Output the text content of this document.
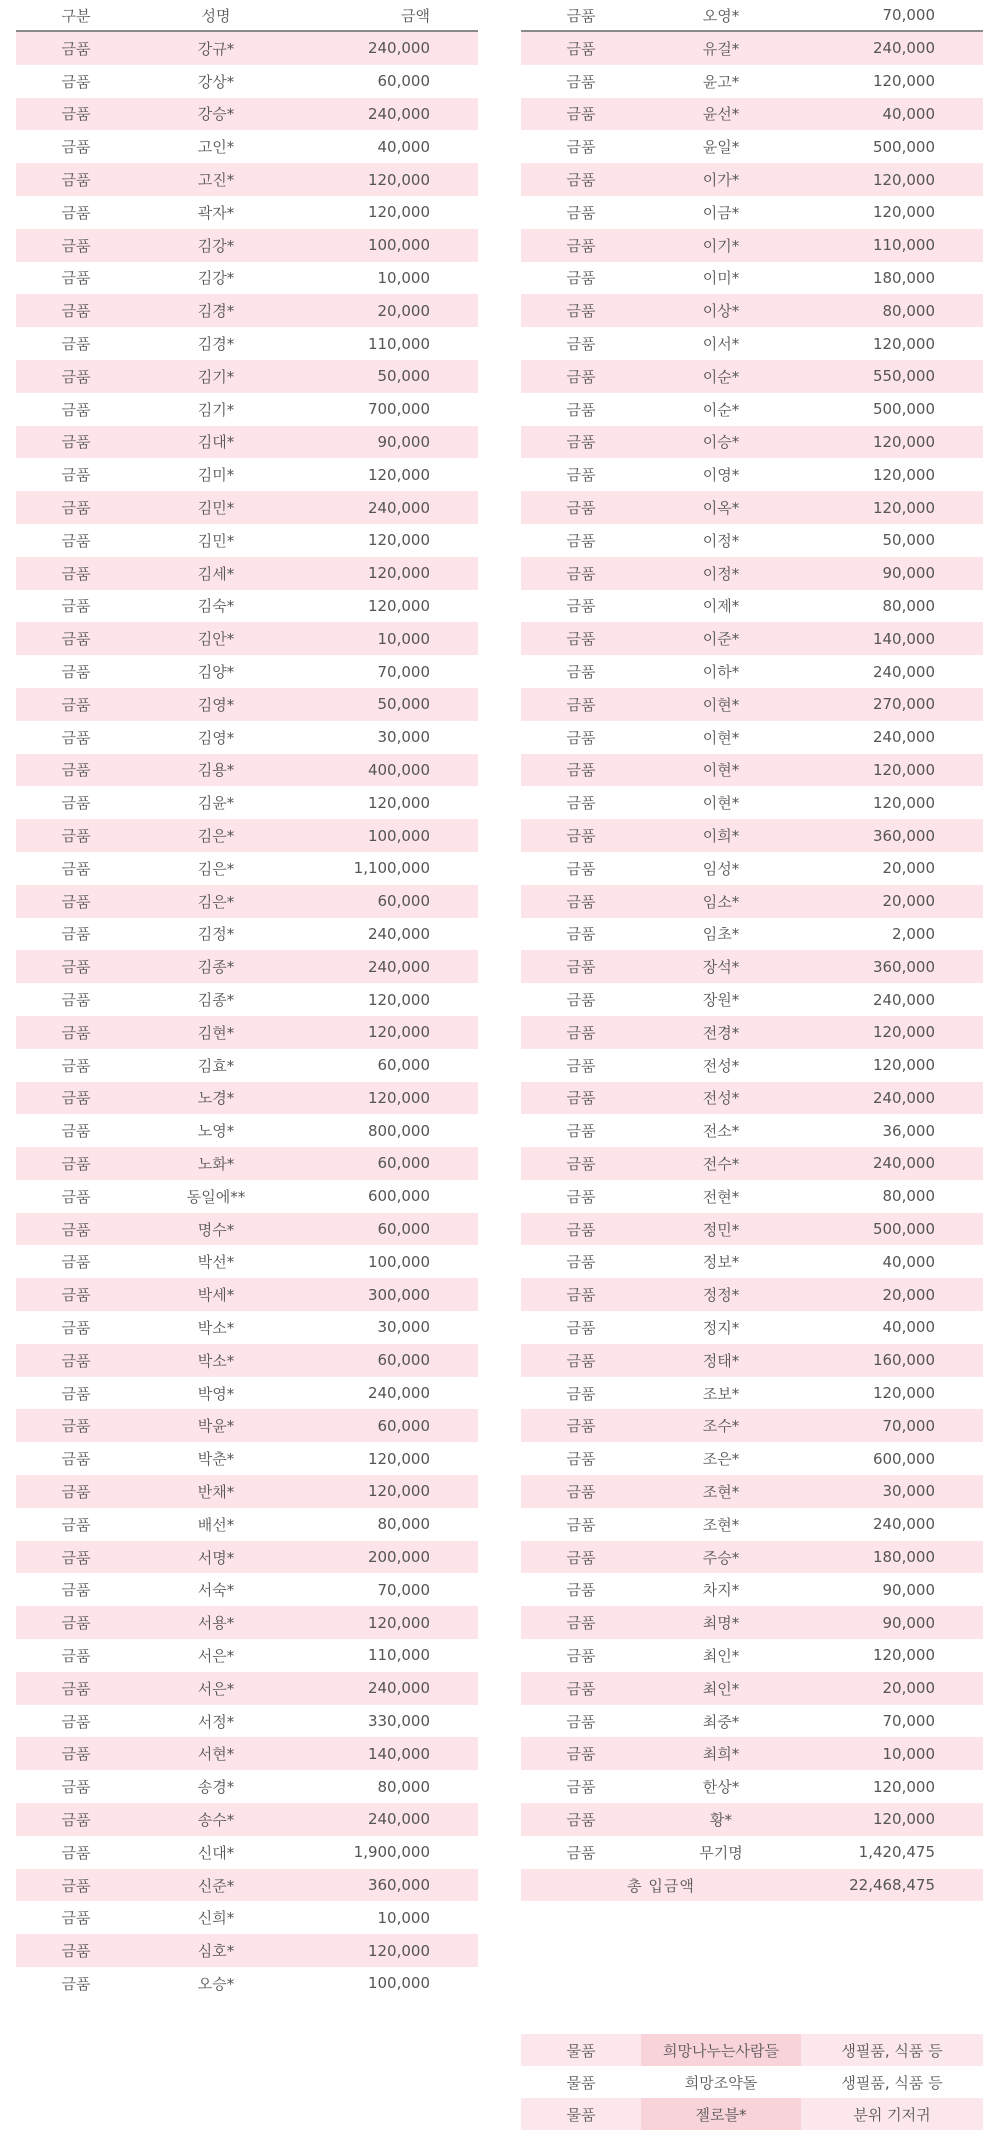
구분	성명	금액
금품	강규*	240,000
금품	강상*	60,000
금품	강승*	240,000
금품	고인*	40,000
금품	고진*	120,000
금품	곽자*	120,000
금품	김강*	100,000
금품	김강*	10,000
금품	김경*	20,000
금품	김경*	110,000
금품	김기*	50,000
금품	김기*	700,000
금품	김대*	90,000
금품	김미*	120,000
금품	김민*	240,000
금품	김민*	120,000
금품	김세*	120,000
금품	김숙*	120,000
금품	김안*	10,000
금품	김양*	70,000
금품	김영*	50,000
금품	김영*	30,000
금품	김용*	400,000
금품	김윤*	120,000
금품	김은*	100,000
금품	김은*	1,100,000
금품	김은*	60,000
금품	김정*	240,000
금품	김종*	240,000
금품	김종*	120,000
금품	김현*	120,000
금품	김효*	60,000
금품	노경*	120,000
금품	노영*	800,000
금품	노화*	60,000
금품	동일에**	600,000
금품	명수*	60,000
금품	박선*	100,000
금품	박세*	300,000
금품	박소*	30,000
금품	박소*	60,000
금품	박영*	240,000
금품	박윤*	60,000
금품	박춘*	120,000
금품	반채*	120,000
금품	배선*	80,000
금품	서명*	200,000
금품	서숙*	70,000
금품	서용*	120,000
금품	서은*	110,000
금품	서은*	240,000
금품	서정*	330,000
금품	서현*	140,000
금품	송경*	80,000
금품	송수*	240,000
금품	신대*	1,900,000
금품	신준*	360,000
금품	신희*	10,000
금품	심호*	120,000
금품	오승*	100,000
금품	오영*	70,000
금품	유걸*	240,000
금품	윤고*	120,000
금품	윤선*	40,000
금품	윤일*	500,000
금품	이가*	120,000
금품	이금*	120,000
금품	이기*	110,000
금품	이미*	180,000
금품	이상*	80,000
금품	이서*	120,000
금품	이순*	550,000
금품	이순*	500,000
금품	이승*	120,000
금품	이영*	120,000
금품	이옥*	120,000
금품	이정*	50,000
금품	이정*	90,000
금품	이제*	80,000
금품	이준*	140,000
금품	이하*	240,000
금품	이현*	270,000
금품	이현*	240,000
금품	이현*	120,000
금품	이현*	120,000
금품	이희*	360,000
금품	임성*	20,000
금품	임소*	20,000
금품	임초*	2,000
금품	장석*	360,000
금품	장원*	240,000
금품	전경*	120,000
금품	전성*	120,000
금품	전성*	240,000
금품	전소*	36,000
금품	전수*	240,000
금품	전현*	80,000
금품	정민*	500,000
금품	정보*	40,000
금품	정정*	20,000
금품	정지*	40,000
금품	정태*	160,000
금품	조보*	120,000
금품	조수*	70,000
금품	조은*	600,000
금품	조현*	30,000
금품	조현*	240,000
금품	주승*	180,000
금품	차지*	90,000
금품	최명*	90,000
금품	최인*	120,000
금품	최인*	20,000
금품	최중*	70,000
금품	최희*	10,000
금품	한상*	120,000
금품	황*	120,000
금품	무기명	1,420,475
총 입금액	22,468,475
물품	희망나누는사람들	생필품, 식품 등
물품	희망조약돌	생필품, 식품 등
물품	젤로블*	분위 기저귀
